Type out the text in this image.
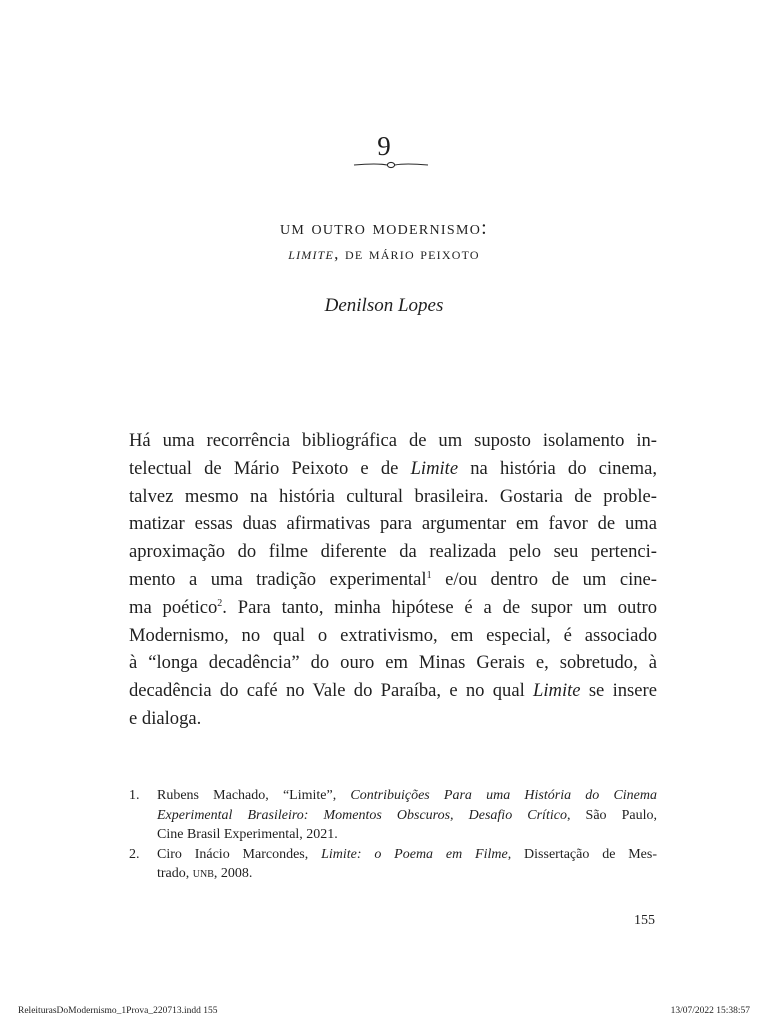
9
um outro modernismo:
limite, de mário peixoto
Denilson Lopes
Há uma recorrência bibliográfica de um suposto isolamento in-
telectual de Mário Peixoto e de Limite na história do cinema,
talvez mesmo na história cultural brasileira. Gostaria de proble-
matizar essas duas afirmativas para argumentar em favor de uma
aproximação do filme diferente da realizada pelo seu pertenci-
mento a uma tradição experimental$^1$ e/ou dentro de um cine-
ma poético$^2$. Para tanto, minha hipótese é a de supor um outro
Modernismo, no qual o extrativismo, em especial, é associado
à “longa decadência” do ouro em Minas Gerais e, sobretudo, à
decadência do café no Vale do Paraíba, e no qual Limite se insere
e dialoga.
1. Rubens Machado, “Limite”, Contribuições Para uma História do Cinema
Experimental Brasileiro: Momentos Obscuros, Desafio Crítico, São Paulo,
Cine Brasil Experimental, 2021.
2. Ciro Inácio Marcondes, Limite: o Poema em Filme, Dissertação de Mes-
trado, unb, 2008.
155
ReleiturasDoModernismo_1Prova_220713.indd 155	13/07/2022 15:38:57
